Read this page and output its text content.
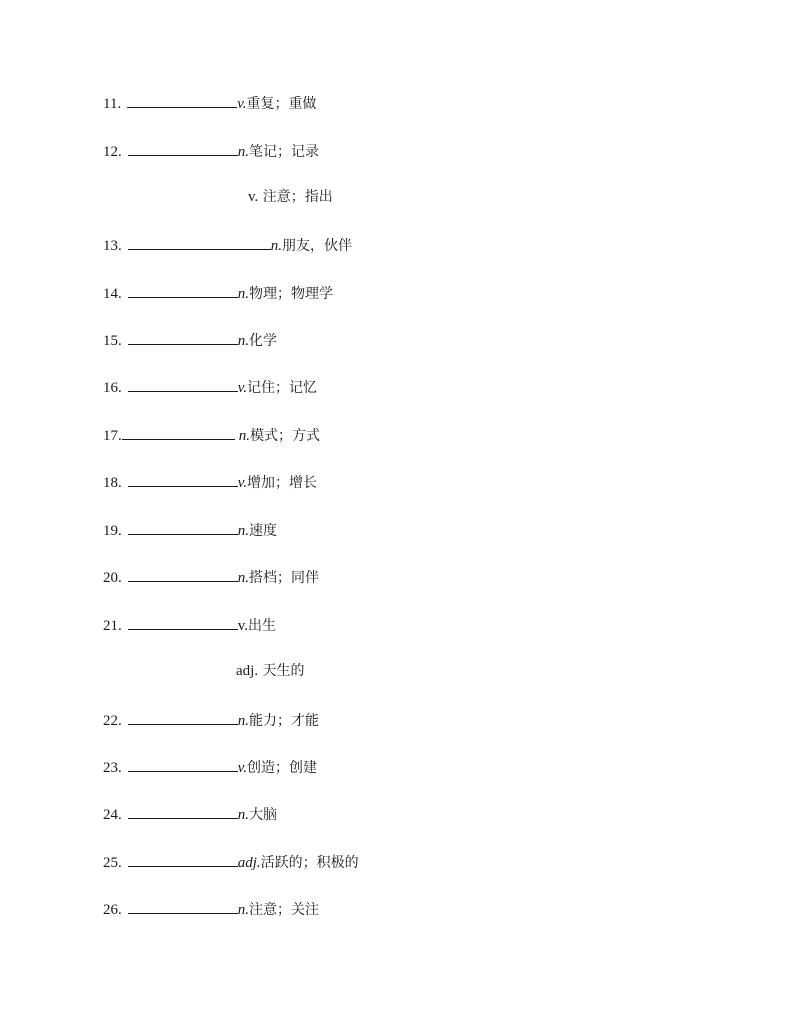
11.	v. 重复；重做
12.	n. 笔记；记录
v. 注意；指出
13.	n. 朋友，伙伴
14.	n. 物理；物理学
15.	n. 化学
16.	v. 记住；记忆
17.	n. 模式；方式
18.	v. 增加；增长
19.	n. 速度
20.	n. 搭档；同伴
21.	v. 出生
adj. 天生的
22.	n. 能力；才能
23.	v. 创造；创建
24.	n. 大脑
25.	adj. 活跃的；积极的
26.	n. 注意；关注
